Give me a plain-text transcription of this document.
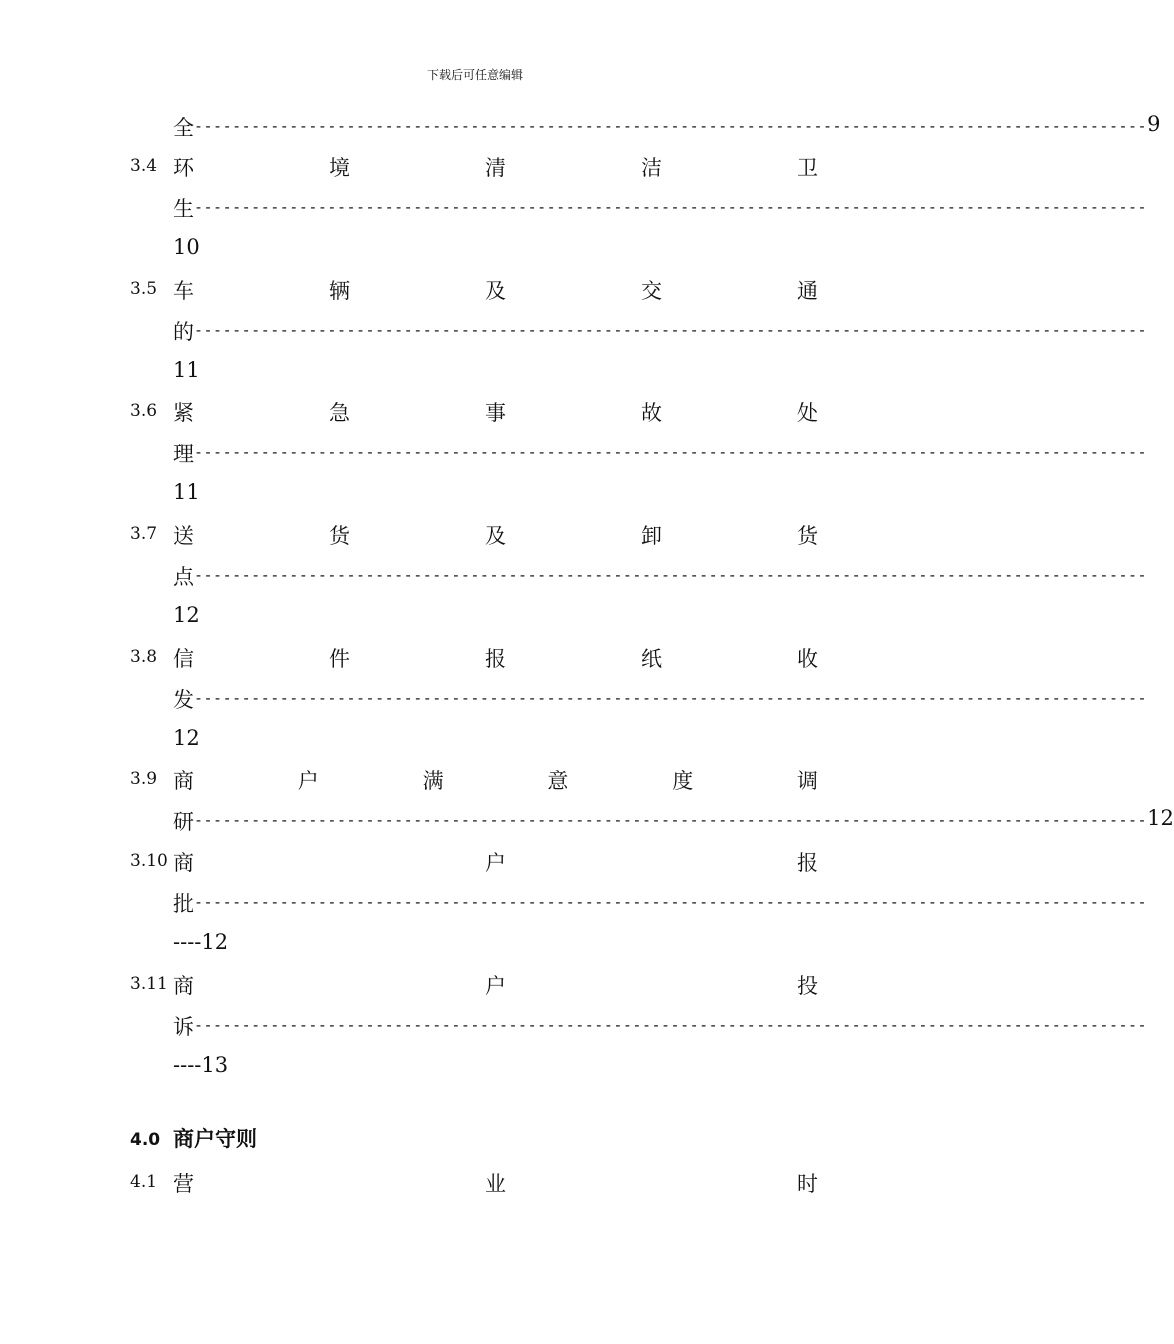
下载后可任意编辑
全 ---------------------------------------------------------------------------------------------------- 9
3.4 环	境	清	洁	卫
生 ----------------------------------------------------------------------------------------------------
10
3.5 车	辆	及	交	通
的 ----------------------------------------------------------------------------------------------------
11
3.6 紧	急	事	故	处
理 ----------------------------------------------------------------------------------------------------
11
3.7 送	货	及	卸	货
点 ----------------------------------------------------------------------------------------------------
12
3.8 信	件	报	纸	收
发 ----------------------------------------------------------------------------------------------------
12
3.9 商	户	满	意	度	调
研 ---------------------------------------------------------------------------------------------------- 12
3.10 商	户	报
批 ----------------------------------------------------------------------------------------------------
----12
3.11 商	户	投
诉 ----------------------------------------------------------------------------------------------------
----13
4.0 商户守则
4.1 营	业	时
